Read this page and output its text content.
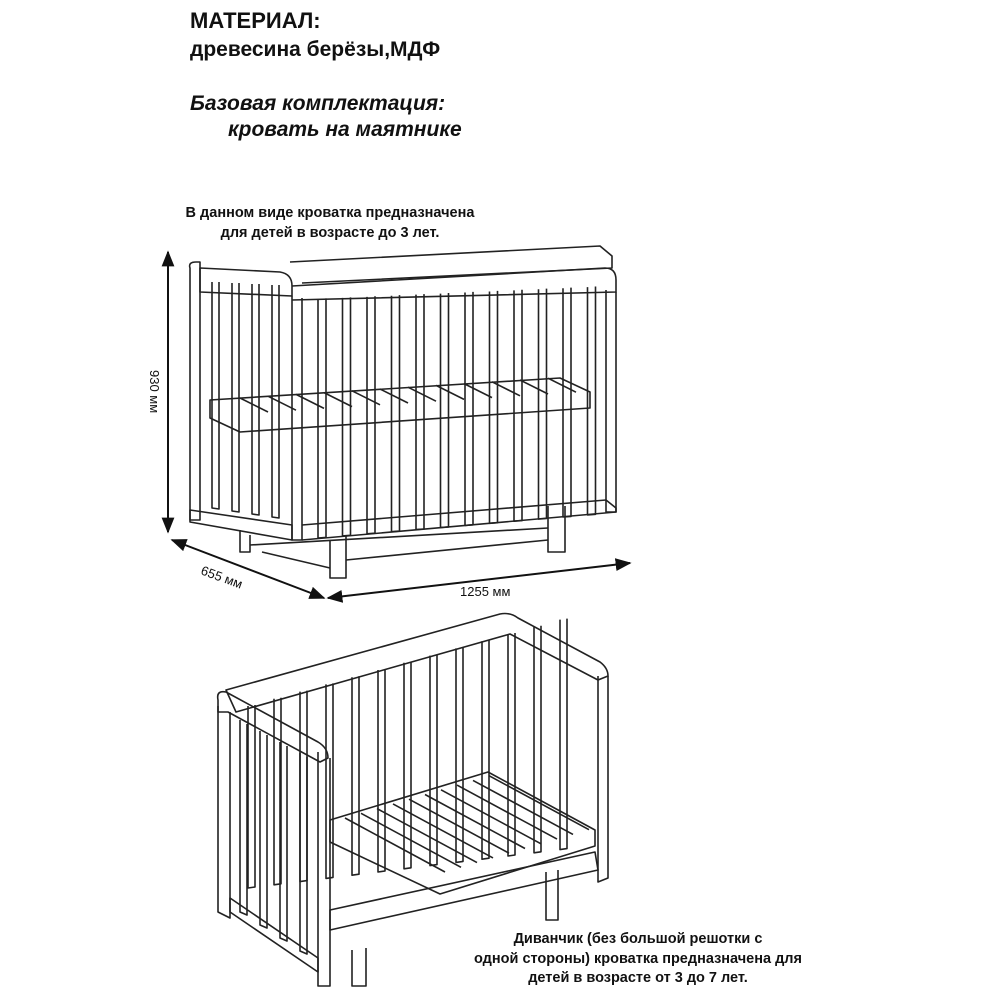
МАТЕРИАЛ:
древесина берёзы,МДФ
Базовая комплектация:
кровать на маятнике
В данном виде кроватка предназначена
для детей в возрасте до 3 лет.
930 мм
655 мм	1255 мм
Диванчик (без большой решотки с
одной стороны) кроватка предназначена для
детей в возрасте от 3 до 7 лет.
